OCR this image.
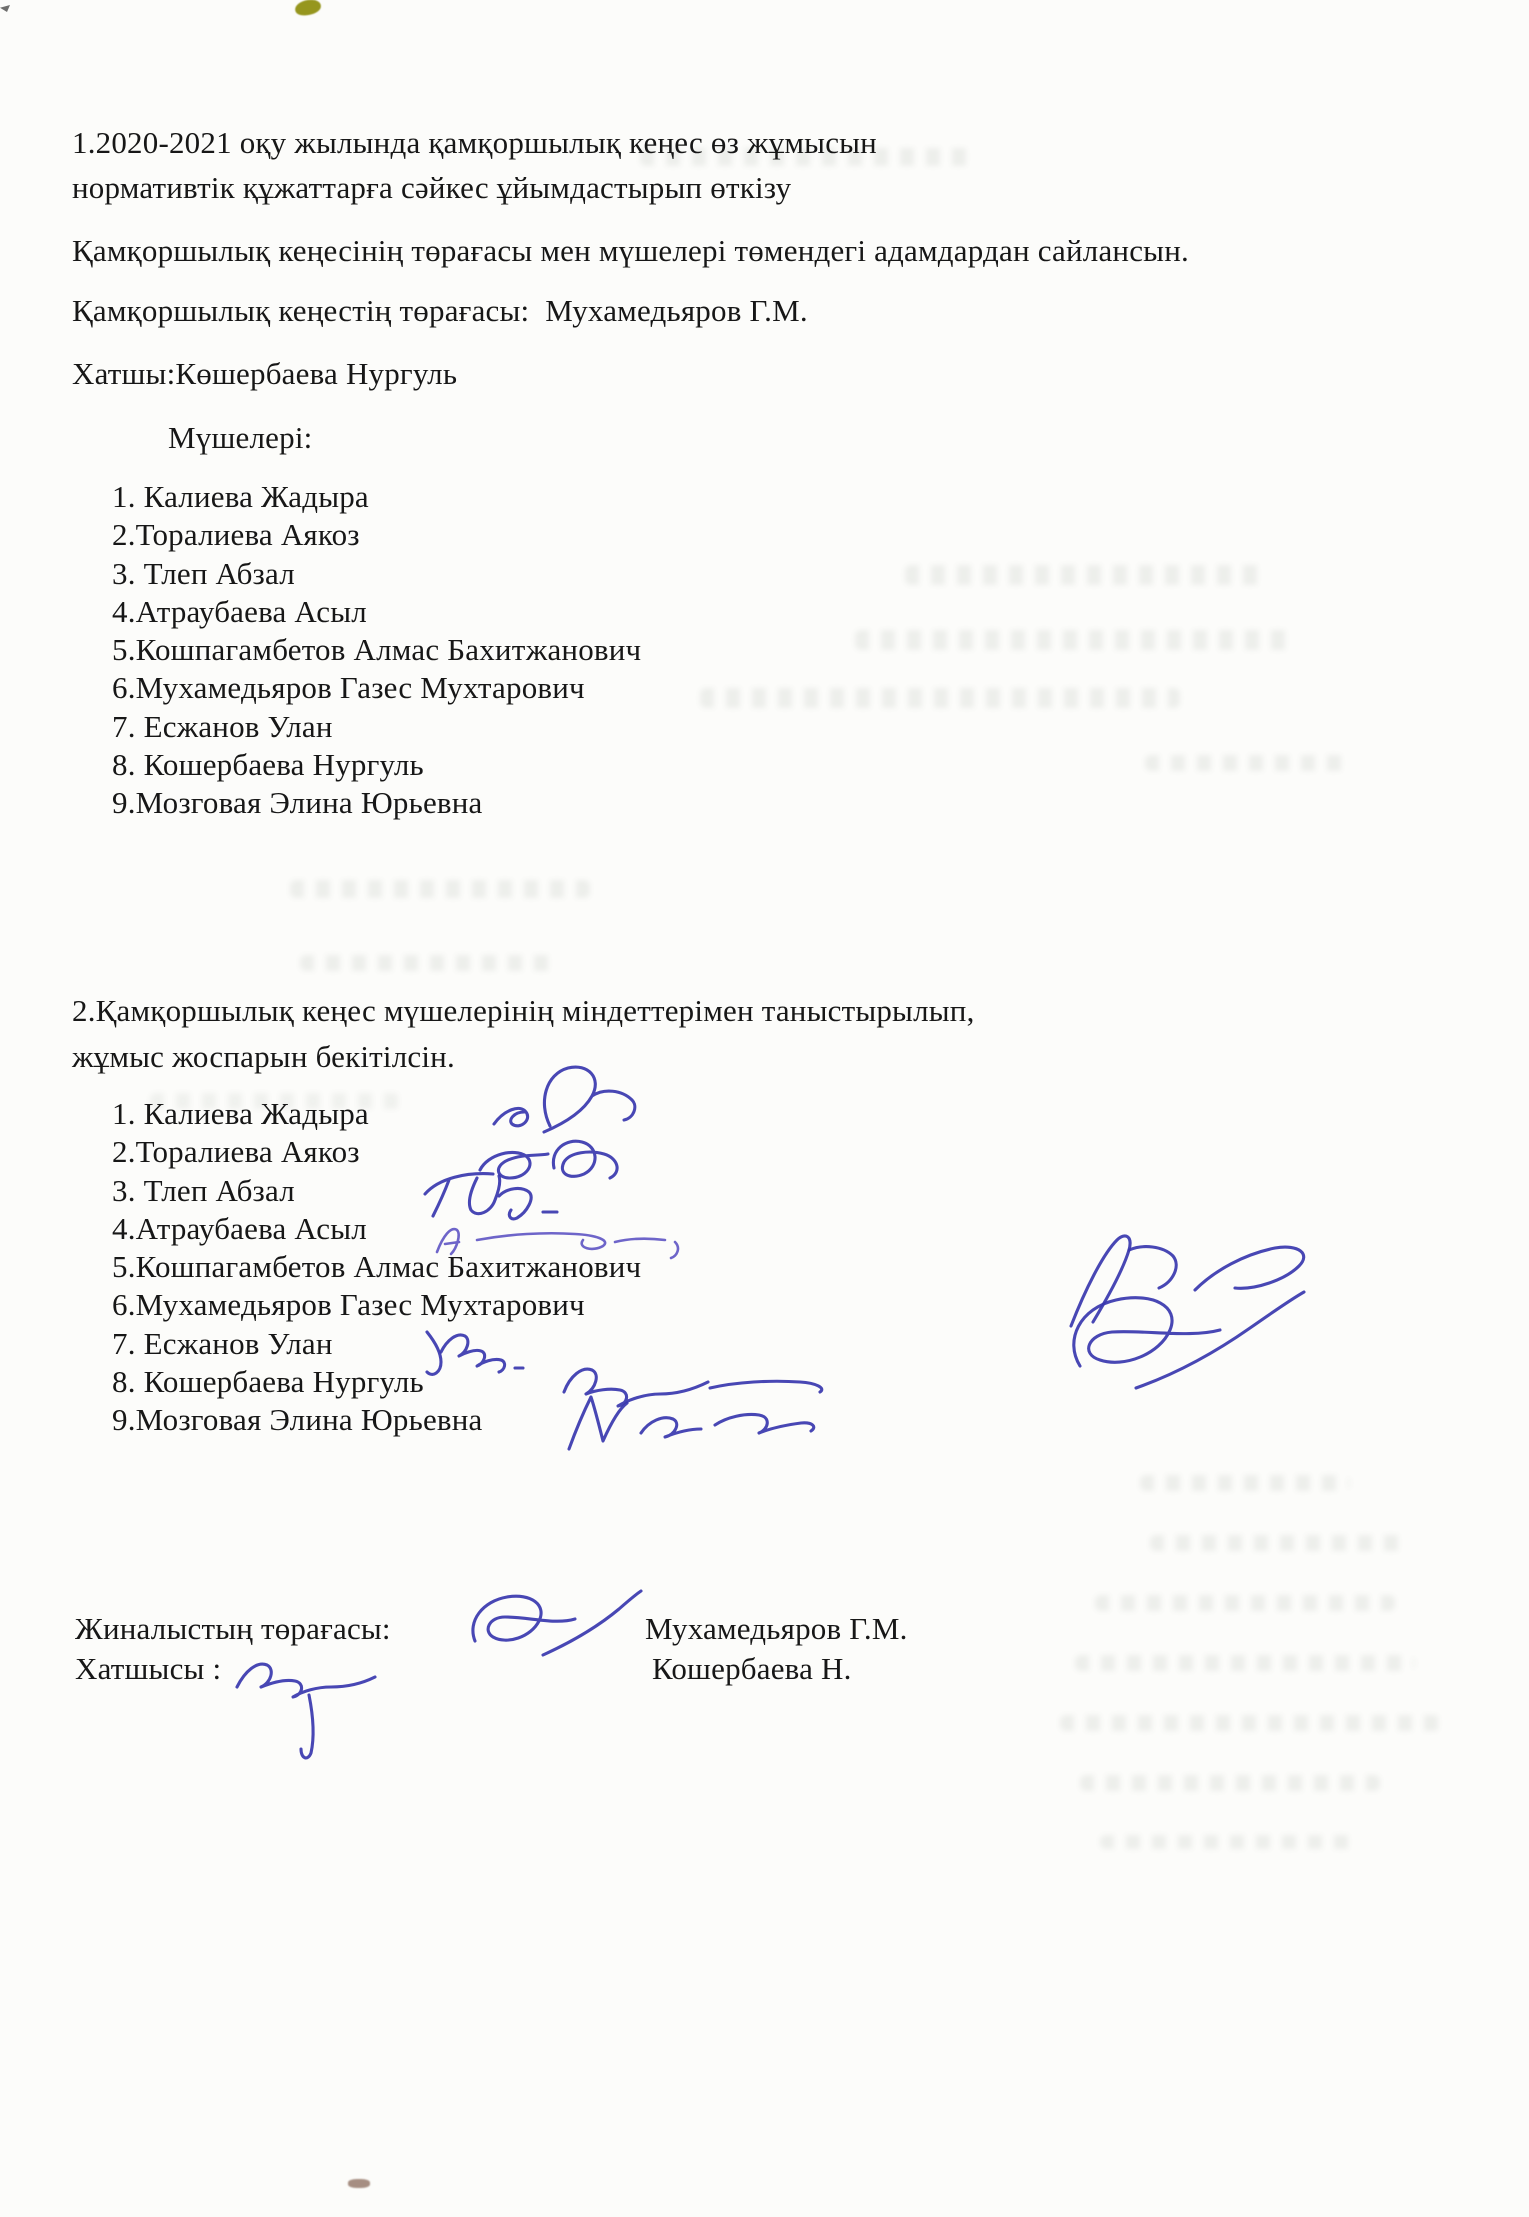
1.2020-2021 оқу жылында қамқоршылық кеңес өз жұмысын нормативтік құжаттарға сәйкес ұйымдастырып өткізу
Қамқоршылық кеңесінің төрағасы мен мүшелері төмендегі адамдардан сайлансын.
Қамқоршылық кеңестің төрағасы:  Мухамедьяров Г.М.
Хатшы:Көшербаева Нургуль
Мүшелері:
1. Калиева Жадыра
2.Торалиева Аякоз
3. Тлеп Абзал
4.Атраубаева Асыл
5.Кошпагамбетов Алмас Бахитжанович
6.Мухамедьяров Газес Мухтарович
7. Есжанов Улан
8. Кошербаева Нургуль
9.Мозговая Элина Юрьевна
2.Қамқоршылық кеңес мүшелерінің міндеттерімен таныстырылып, жұмыс жоспарын бекітілсін.
1. Калиева Жадыра
2.Торалиева Аякоз
3. Тлеп Абзал
4.Атраубаева Асыл
5.Кошпагамбетов Алмас Бахитжанович
6.Мухамедьяров Газес Мухтарович
7. Есжанов Улан
8. Кошербаева Нургуль
9.Мозговая Элина Юрьевна
Жиналыстың төрағасы:	Мухамедьяров Г.М.
Хатшысы :	Кошербаева Н.
